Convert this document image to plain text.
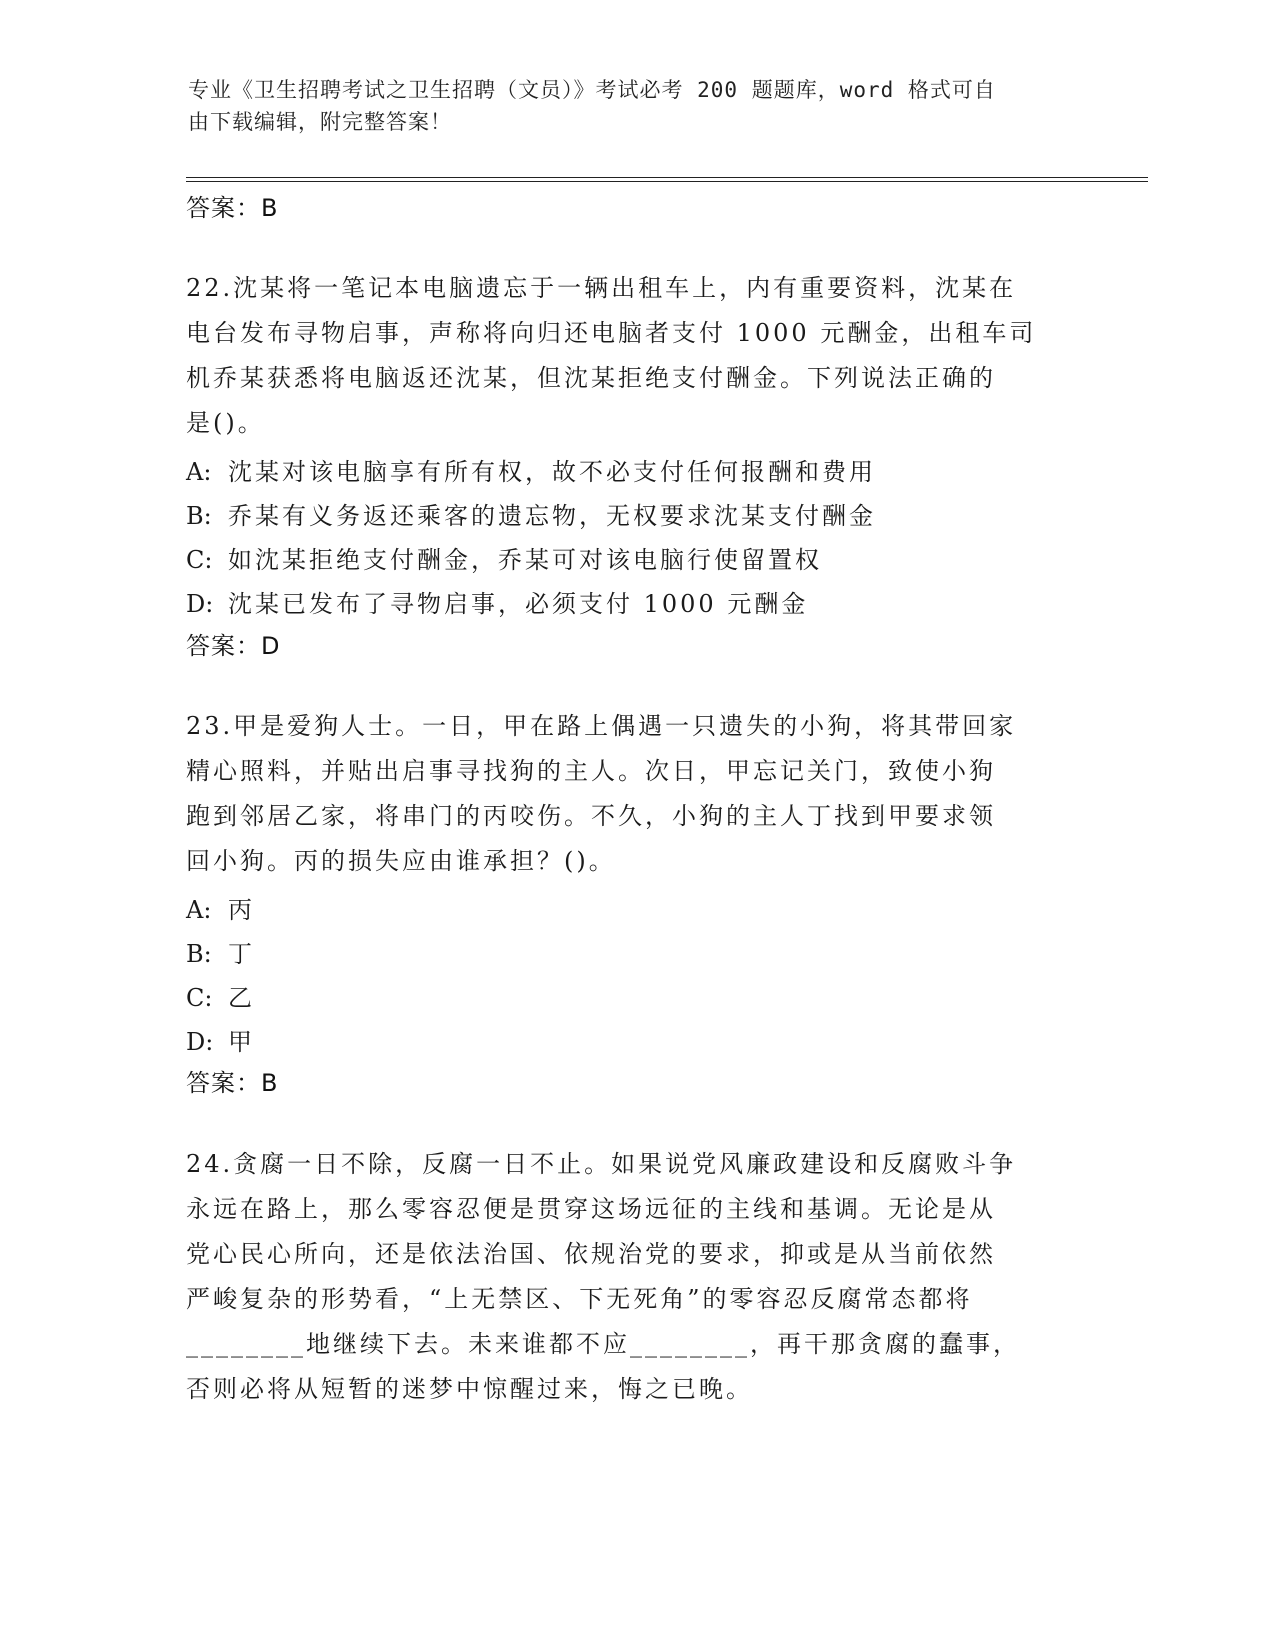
专业《卫生招聘考试之卫生招聘（文员）》考试必考 200 题题库，word 格式可自
由下载编辑，附完整答案！
答案：B
22.沈某将一笔记本电脑遗忘于一辆出租车上，内有重要资料，沈某在
电台发布寻物启事，声称将向归还电脑者支付 1000 元酬金，出租车司
机乔某获悉将电脑返还沈某，但沈某拒绝支付酬金。下列说法正确的
是()。
A: 沈某对该电脑享有所有权，故不必支付任何报酬和费用
B: 乔某有义务返还乘客的遗忘物，无权要求沈某支付酬金
C: 如沈某拒绝支付酬金，乔某可对该电脑行使留置权
D: 沈某已发布了寻物启事，必须支付 1000 元酬金
答案：D
23.甲是爱狗人士。一日，甲在路上偶遇一只遗失的小狗，将其带回家
精心照料，并贴出启事寻找狗的主人。次日，甲忘记关门，致使小狗
跑到邻居乙家，将串门的丙咬伤。不久，小狗的主人丁找到甲要求领
回小狗。丙的损失应由谁承担？()。
A: 丙
B: 丁
C: 乙
D: 甲
答案：B
24.贪腐一日不除，反腐一日不止。如果说党风廉政建设和反腐败斗争
永远在路上，那么零容忍便是贯穿这场远征的主线和基调。无论是从
党心民心所向，还是依法治国、依规治党的要求，抑或是从当前依然
严峻复杂的形势看，“上无禁区、下无死角”的零容忍反腐常态都将
________地继续下去。未来谁都不应________，再干那贪腐的蠢事，
否则必将从短暂的迷梦中惊醒过来，悔之已晚。
